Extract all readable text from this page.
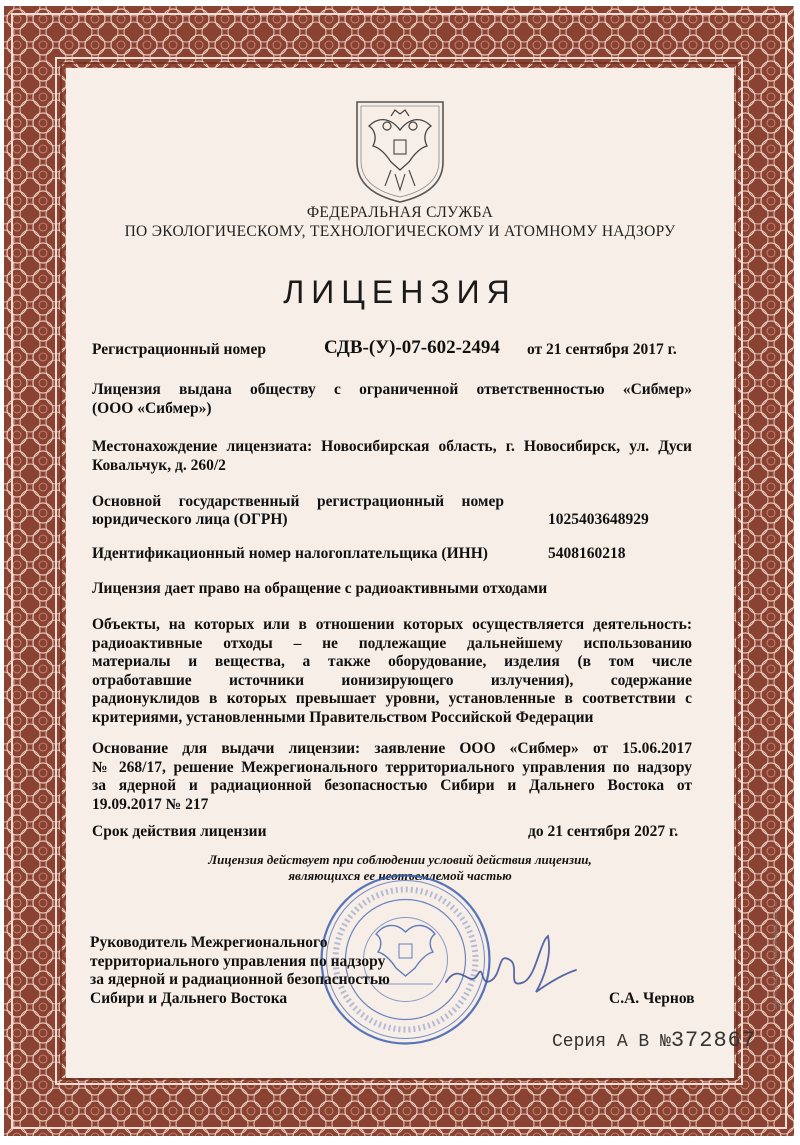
ФЕДЕРАЛЬНАЯ СЛУЖБА
ПО ЭКОЛОГИЧЕСКОМУ, ТЕХНОЛОГИЧЕСКОМУ И АТОМНОМУ НАДЗОРУ
ЛИЦЕНЗИЯ
Регистрационный номер	СДВ-(У)-07-602-2494 от 21 сентября 2017 г.
Лицензия выдана обществу с ограниченной ответственностью «Сибмер»
(ООО «Сибмер»)
Местонахождение лицензиата: Новосибирская область, г. Новосибирск, ул. Дуси
Ковальчук, д. 260/2
Основной государственный регистрационный номер
юридического лица (ОГРН)	1025403648929
Идентификационный номер налогоплательщика (ИНН)	5408160218
Лицензия дает право на обращение с радиоактивными отходами
Объекты, на которых или в отношении которых осуществляется деятельность:
радиоактивные отходы – не подлежащие дальнейшему использованию
материалы и вещества, а также оборудование, изделия (в том числе
отработавшие источники ионизирующего излучения), содержание
радионуклидов в которых превышает уровни, установленные в соответствии с
критериями, установленными Правительством Российской Федерации
Основание для выдачи лицензии: заявление ООО «Сибмер» от 15.06.2017
№ 268/17, решение Межрегионального территориального управления по надзору
за ядерной и радиационной безопасностью Сибири и Дальнего Востока от
19.09.2017 № 217
Срок действия лицензии	до 21 сентября 2027 г.
Лицензия действует при соблюдении условий действия лицензии,
являющихся ее неотъемлемой частью
Руководитель Межрегионального
территориального управления по надзору
за ядерной и радиационной безопасностью
Сибири и Дальнего Востока	С.А. Чернов
Серия А В №372867
ЗАО «СИБЕРМ», Новосибирск, 2014 г., «Б»
